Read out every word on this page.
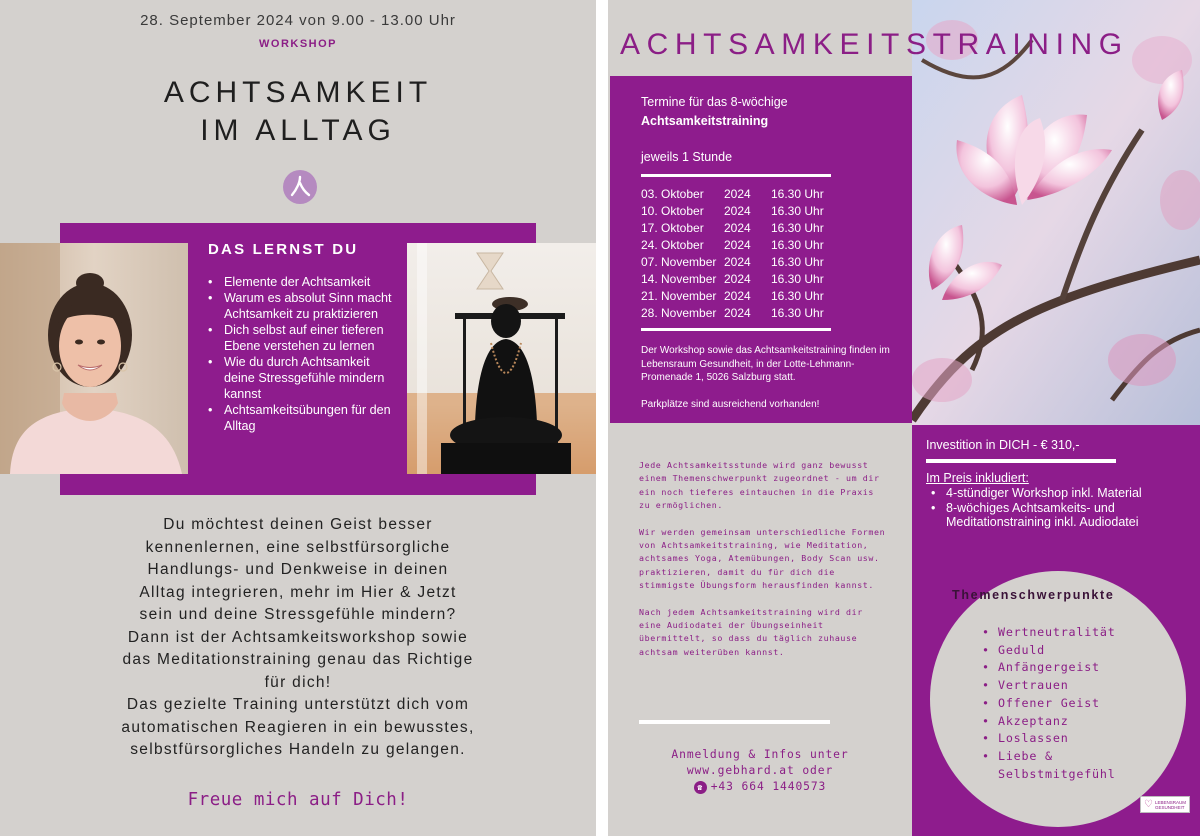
28. September 2024 von 9.00 - 13.00 Uhr
WORKSHOP
ACHTSAMKEIT
IM ALLTAG
DAS LERNST DU
• Elemente der Achtsamkeit
• Warum es absolut Sinn macht Achtsamkeit zu praktizieren
• Dich selbst auf einer tieferen Ebene verstehen zu lernen
• Wie du durch Achtsamkeit deine Stressgefühle mindern kannst
• Achtsamkeitsübungen für den Alltag
Du möchtest deinen Geist besser
kennenlernen, eine selbstfürsorgliche
Handlungs- und Denkweise in deinen
Alltag integrieren, mehr im Hier & Jetzt
sein und deine Stressgefühle mindern?
Dann ist der Achtsamkeitsworkshop sowie
das Meditationstraining genau das Richtige
für dich!
Das gezielte Training unterstützt dich vom
automatischen Reagieren in ein bewusstes,
selbstfürsorgliches Handeln zu gelangen.
Freue mich auf Dich!
ACHTSAMKEITSTRAINING
Termine für das 8-wöchige
Achtsamkeitstraining
jeweils 1 Stunde
03. Oktober 2024 16.30 Uhr
10. Oktober 2024 16.30 Uhr
17. Oktober 2024 16.30 Uhr
24. Oktober 2024 16.30 Uhr
07. November 2024 16.30 Uhr
14. November 2024 16.30 Uhr
21. November 2024 16.30 Uhr
28. November 2024 16.30 Uhr
Der Workshop sowie das Achtsamkeitstraining finden im Lebensraum Gesundheit, in der Lotte-Lehmann-Promenade 1, 5026 Salzburg statt.
Parkplätze sind ausreichend vorhanden!

Jede Achtsamkeitsstunde wird ganz bewusst einem Themenschwerpunkt zugeordnet - um dir ein noch tieferes eintauchen in die Praxis zu ermöglichen.

Wir werden gemeinsam unterschiedliche Formen von Achtsamkeitstraining, wie Meditation, achtsames Yoga, Atemübungen, Body Scan usw. praktizieren, damit du für dich die stimmigste Übungsform herausfinden kannst.

Nach jedem Achtsamkeitstraining wird dir eine Audiodatei der Übungseinheit übermittelt, so dass du täglich zuhause achtsam weiterüben kannst.

Anmeldung & Infos unter
www.gebhard.at oder
☎ +43 664 1440573
Investition in DICH - € 310,-
Im Preis inkludiert:
• 4-stündiger Workshop inkl. Material
• 8-wöchiges Achtsamkeits- und Meditationstraining inkl. Audiodatei
Themenschwerpunkte
• Wertneutralität
• Geduld
• Anfängergeist
• Vertrauen
• Offener Geist
• Akzeptanz
• Loslassen
• Liebe & Selbstmitgefühl
♡ LEBENSRAUM GESUNDHEIT
